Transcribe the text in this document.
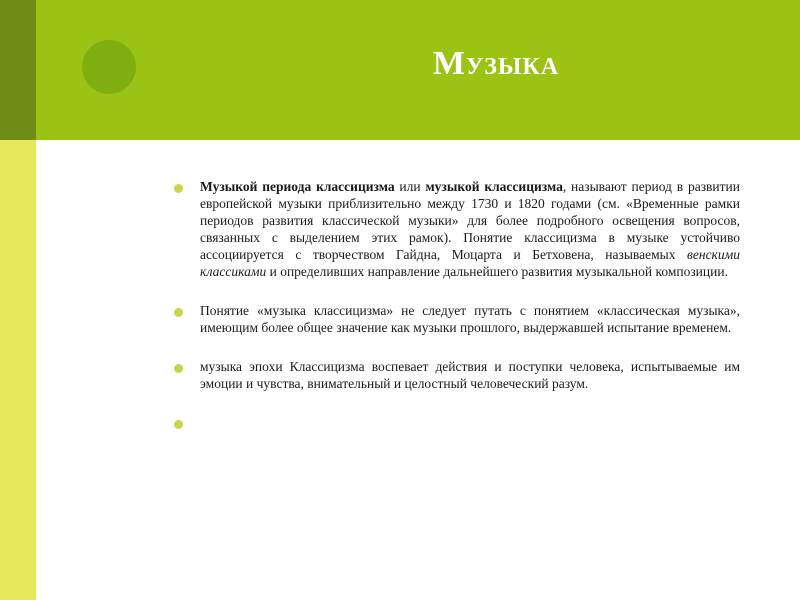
Музыка
Музыкой периода классицизма или музыкой классицизма, называют период в развитии европейской музыки приблизительно между 1730 и 1820 годами (см. «Временные рамки периодов развития классической музыки» для более подробного освещения вопросов, связанных с выделением этих рамок). Понятие классицизма в музыке устойчиво ассоциируется с творчеством Гайдна, Моцарта и Бетховена, называемых венскими классиками и определивших направление дальнейшего развития музыкальной композиции.
Понятие «музыка классицизма» не следует путать с понятием «классическая музыка», имеющим более общее значение как музыки прошлого, выдержавшей испытание временем.
музыка эпохи Классицизма воспевает действия и поступки человека, испытываемые им эмоции и чувства, внимательный и целостный человеческий разум.
